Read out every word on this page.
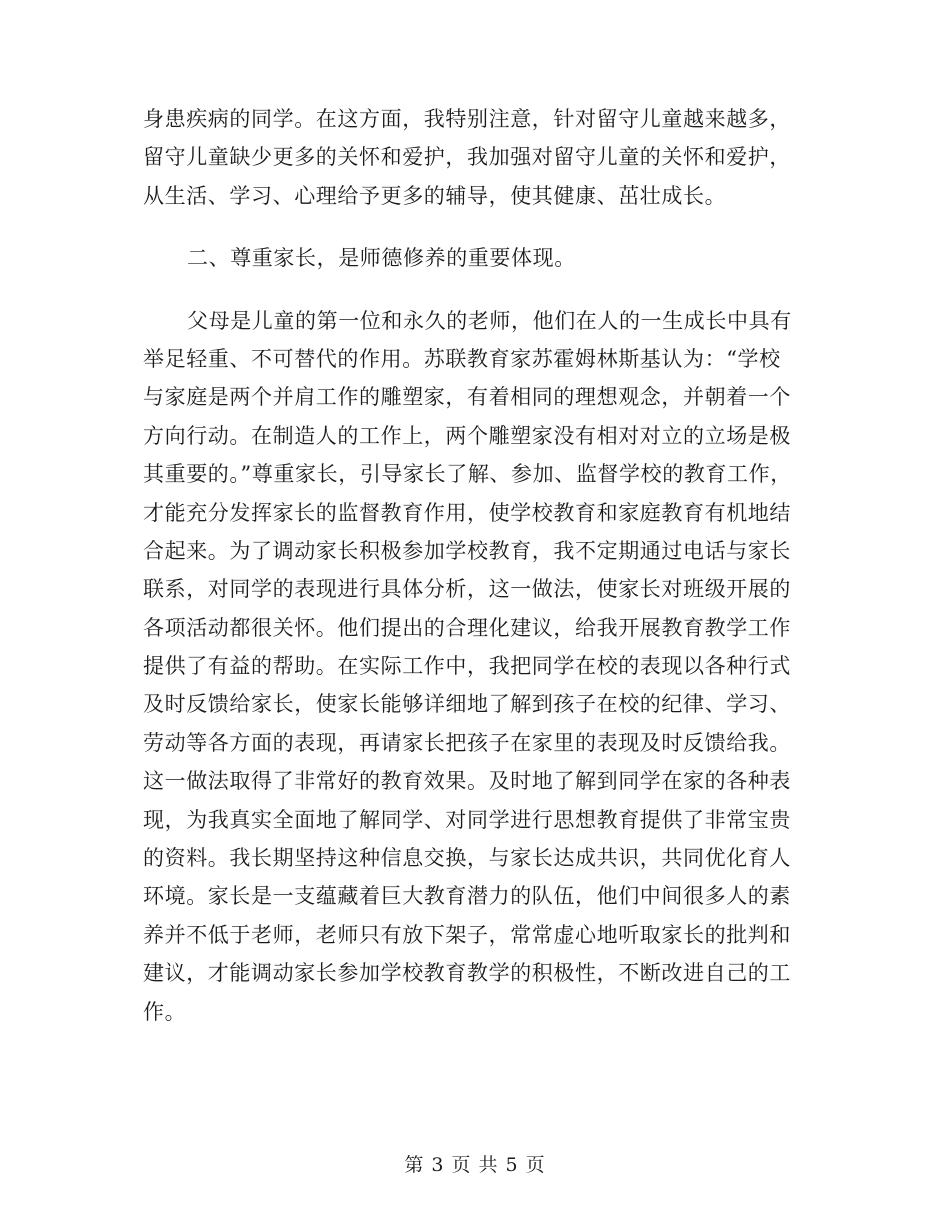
身患疾病的同学。在这方面，我特别注意，针对留守儿童越来越多，
留守儿童缺少更多的关怀和爱护，我加强对留守儿童的关怀和爱护，
从生活、学习、心理给予更多的辅导，使其健康、茁壮成长。
二、尊重家长，是师德修养的重要体现。
父母是儿童的第一位和永久的老师，他们在人的一生成长中具有
举足轻重、不可替代的作用。苏联教育家苏霍姆林斯基认为：“学校
与家庭是两个并肩工作的雕塑家，有着相同的理想观念，并朝着一个
方向行动。在制造人的工作上，两个雕塑家没有相对对立的立场是极
其重要的。”尊重家长，引导家长了解、参加、监督学校的教育工作，
才能充分发挥家长的监督教育作用，使学校教育和家庭教育有机地结
合起来。为了调动家长积极参加学校教育，我不定期通过电话与家长
联系，对同学的表现进行具体分析，这一做法，使家长对班级开展的
各项活动都很关怀。他们提出的合理化建议，给我开展教育教学工作
提供了有益的帮助。在实际工作中，我把同学在校的表现以各种行式
及时反馈给家长，使家长能够详细地了解到孩子在校的纪律、学习、
劳动等各方面的表现，再请家长把孩子在家里的表现及时反馈给我。
这一做法取得了非常好的教育效果。及时地了解到同学在家的各种表
现，为我真实全面地了解同学、对同学进行思想教育提供了非常宝贵
的资料。我长期坚持这种信息交换，与家长达成共识，共同优化育人
环境。家长是一支蕴藏着巨大教育潜力的队伍，他们中间很多人的素
养并不低于老师，老师只有放下架子，常常虚心地听取家长的批判和
建议，才能调动家长参加学校教育教学的积极性，不断改进自己的工
作。
第 3 页 共 5 页
